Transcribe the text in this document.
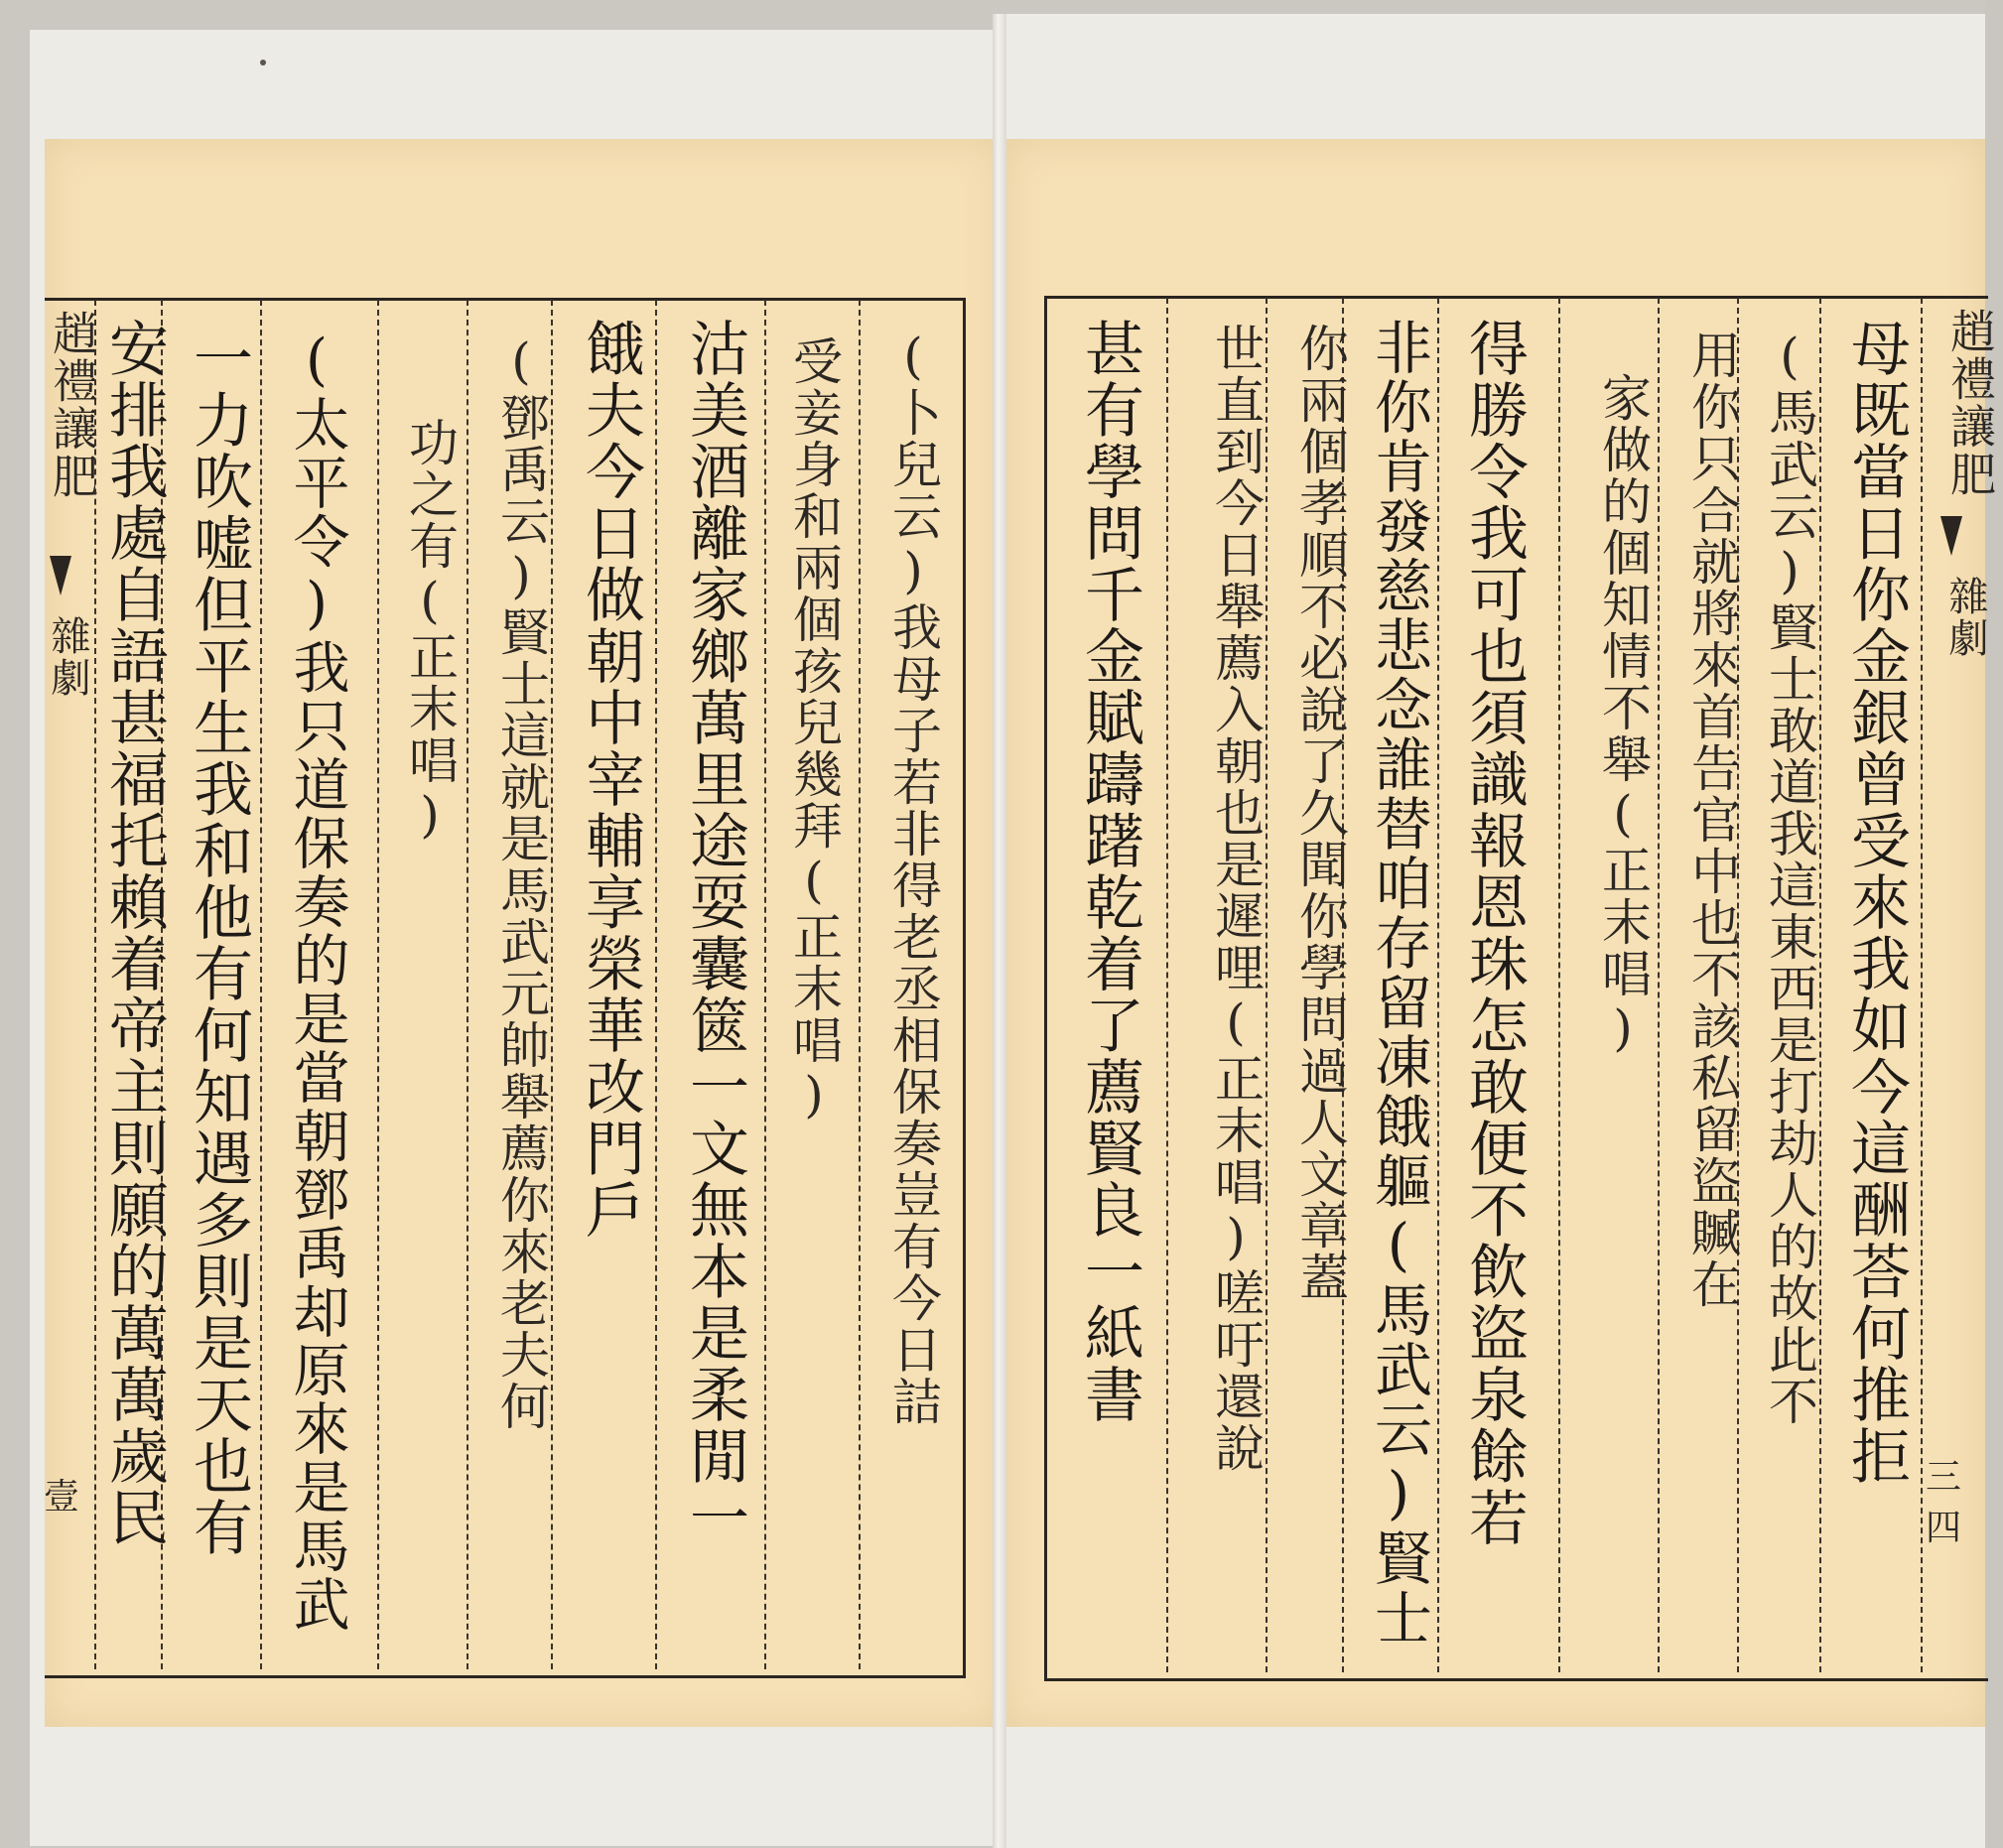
趙禮讓肥
雜劇
壹
(卜兒云)我母子若非得老丞相保奏豈有今日詰
受妾身和兩個孩兒幾拜(正末唱)
沽美酒離家鄉萬里途耍囊篋一文無本是柔閒一
餓夫今日做朝中宰輔享榮華改門戶
(鄧禹云)賢士這就是馬武元帥舉薦你來老夫何
功之有(正末唱)
(太平令)我只道保奏的是當朝鄧禹却原來是馬武
一力吹嘘但平生我和他有何知遇多則是天也有
安排我處自語甚福托賴着帝主則願的萬萬歲民	趙禮讓肥
雜劇
三四
母既當日你金銀曾受來我如今這酬荅何推拒
(馬武云)賢士敢道我這東西是打劫人的故此不
用你只合就將來首告官中也不該私留盜贓在
家做的個知情不舉(正末唱)
得勝令我可也須識報恩珠怎敢便不飲盜泉餘若
非你肯發慈悲念誰替咱存留凍餓軀(馬武云)賢士
你兩個孝順不必說了久聞你學問過人文章蓋
世直到今日舉薦入朝也是遲哩(正末唱)嗟吁還說
甚有學問千金賦躊躇乾着了薦賢良一紙書
